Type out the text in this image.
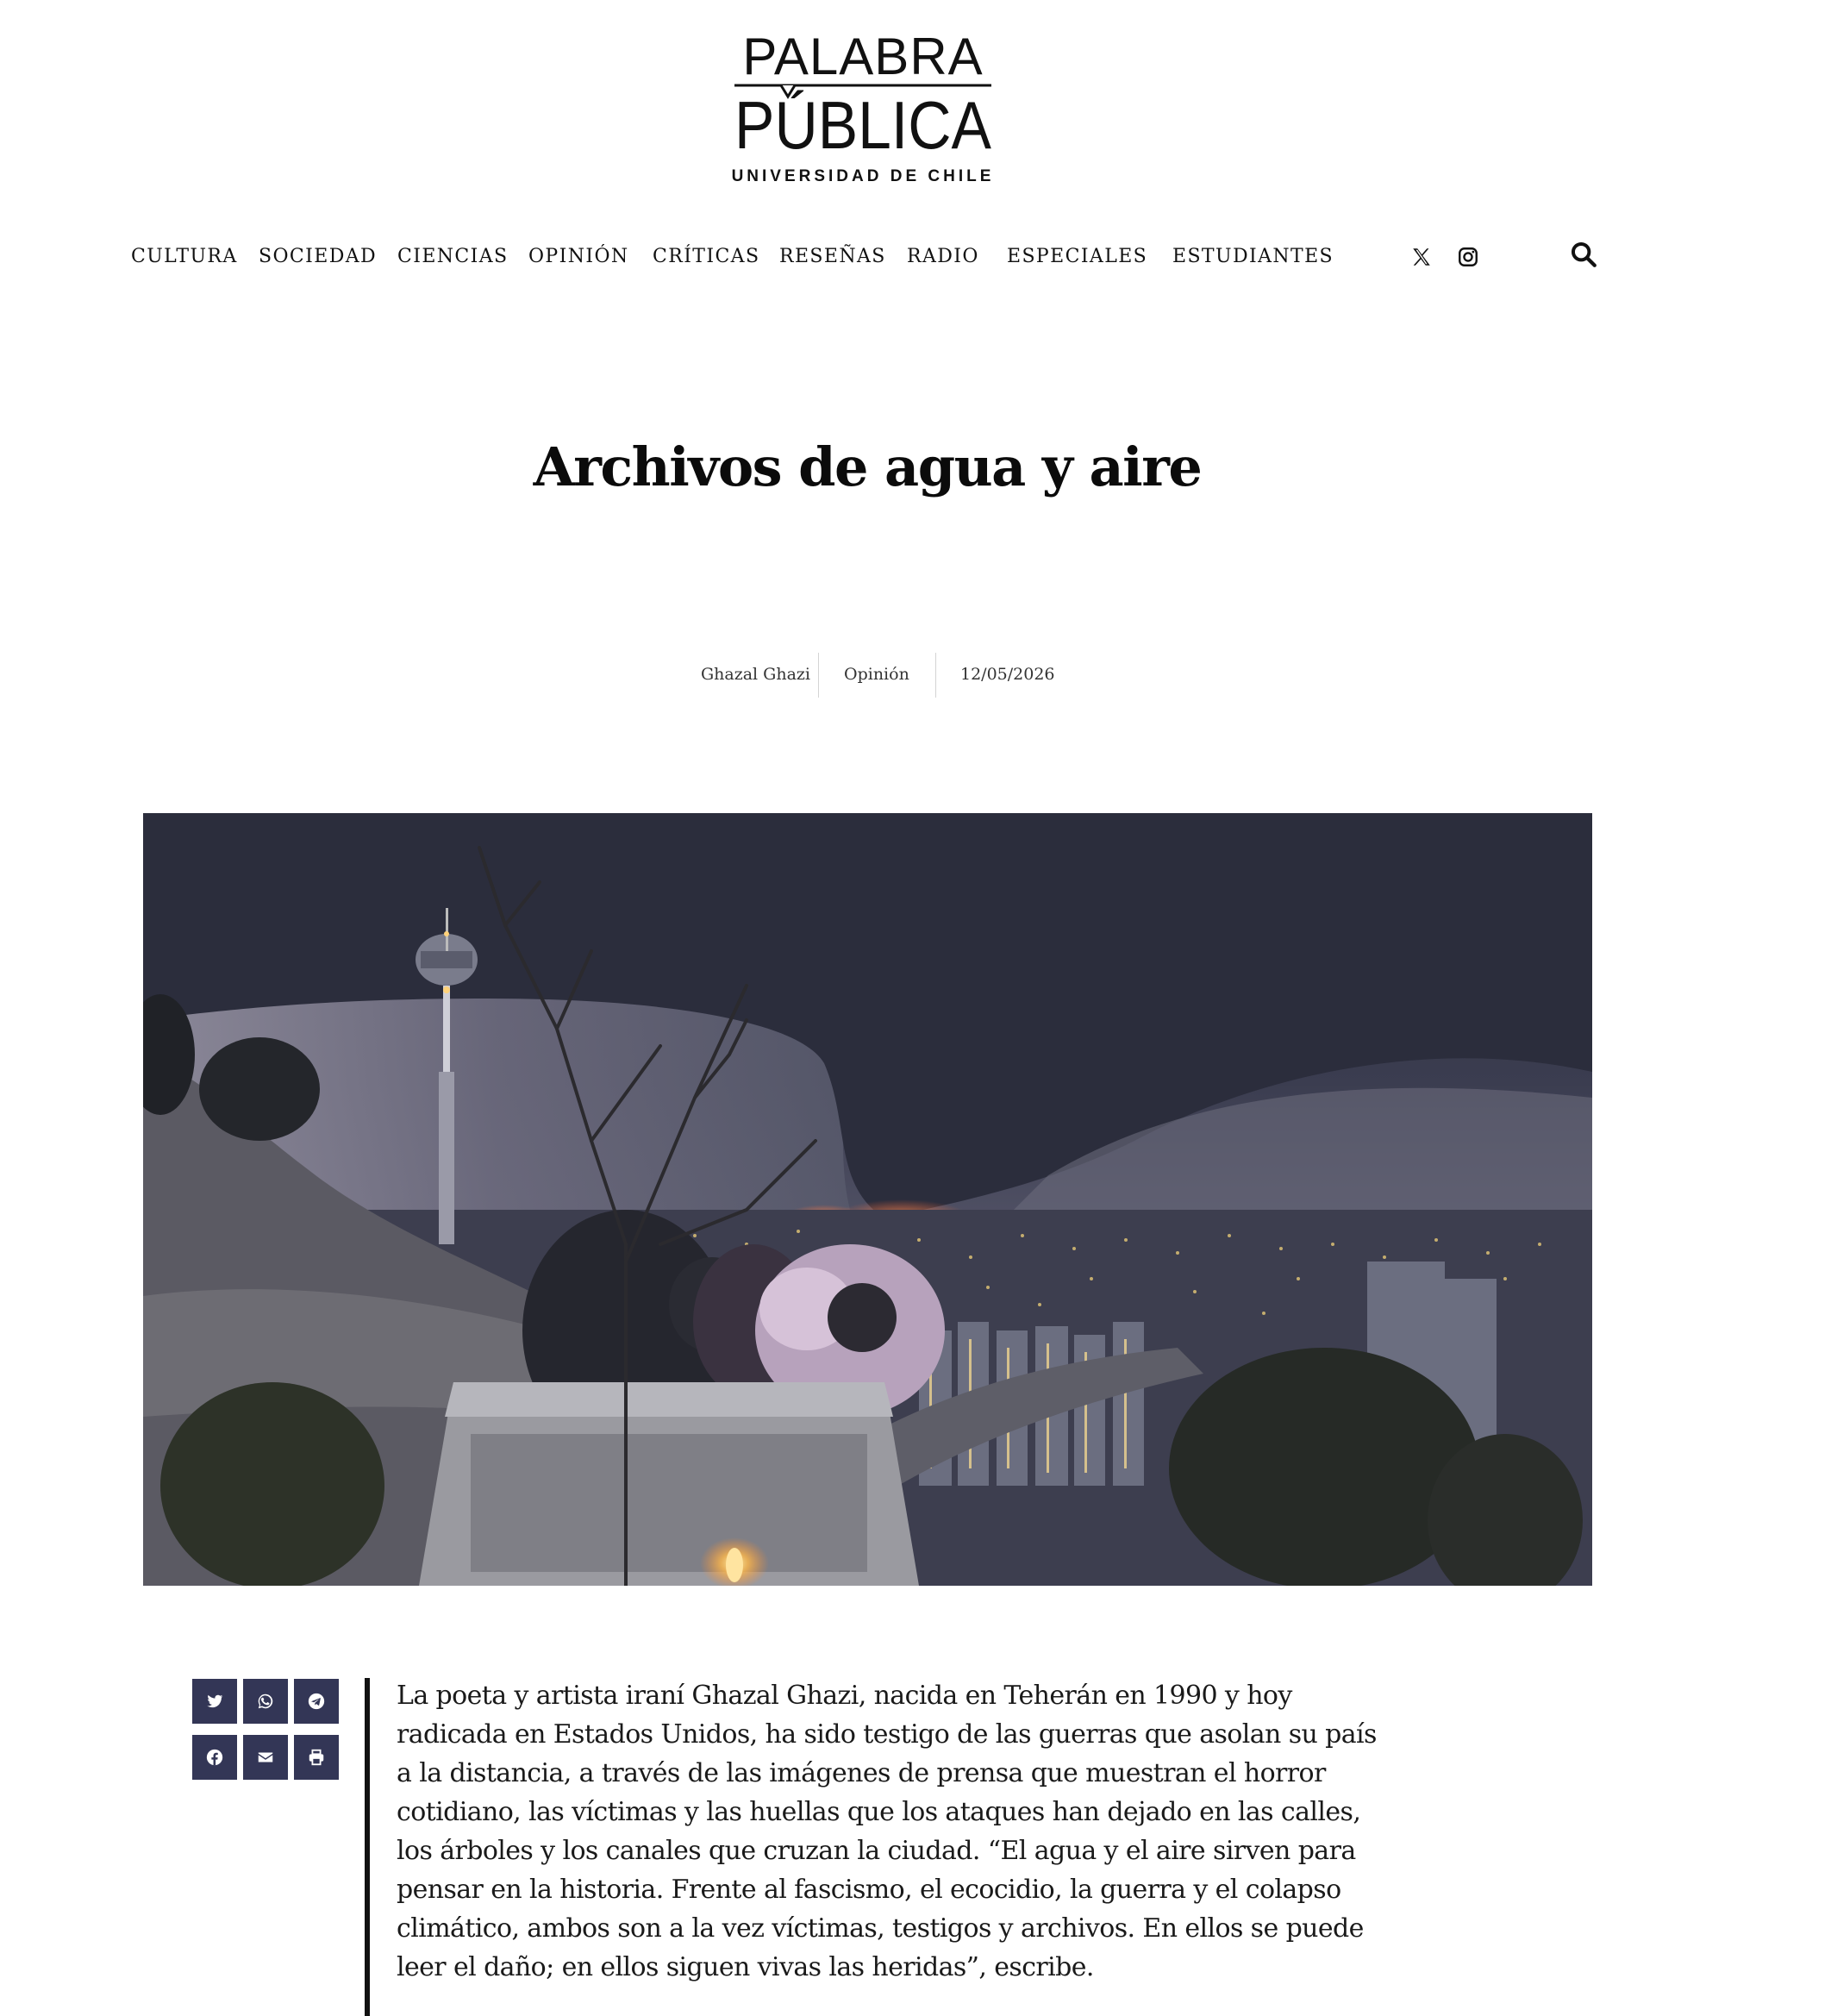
PALABRA
PÚBLICA
UNIVERSIDAD DE CHILE
CULTURA SOCIEDAD CIENCIAS OPINIÓN CRÍTICAS RESEÑAS RADIO ESPECIALES ESTUDIANTES
Archivos de agua y aire
Ghazal Ghazi Opinión	12/05/2026

La poeta y artista iraní Ghazal Ghazi, nacida en Teherán en 1990 y hoy radicada en Estados Unidos, ha sido testigo de las guerras que asolan su país a la distancia, a través de las imágenes de prensa que muestran el horror cotidiano, las víctimas y las huellas que los ataques han dejado en las calles, los árboles y los canales que cruzan la ciudad. “El agua y el aire sirven para pensar en la historia. Frente al fascismo, el ecocidio, la guerra y el colapso climático, ambos son a la vez víctimas, testigos y archivos. En ellos se puede leer el daño; en ellos siguen vivas las heridas”, escribe.
